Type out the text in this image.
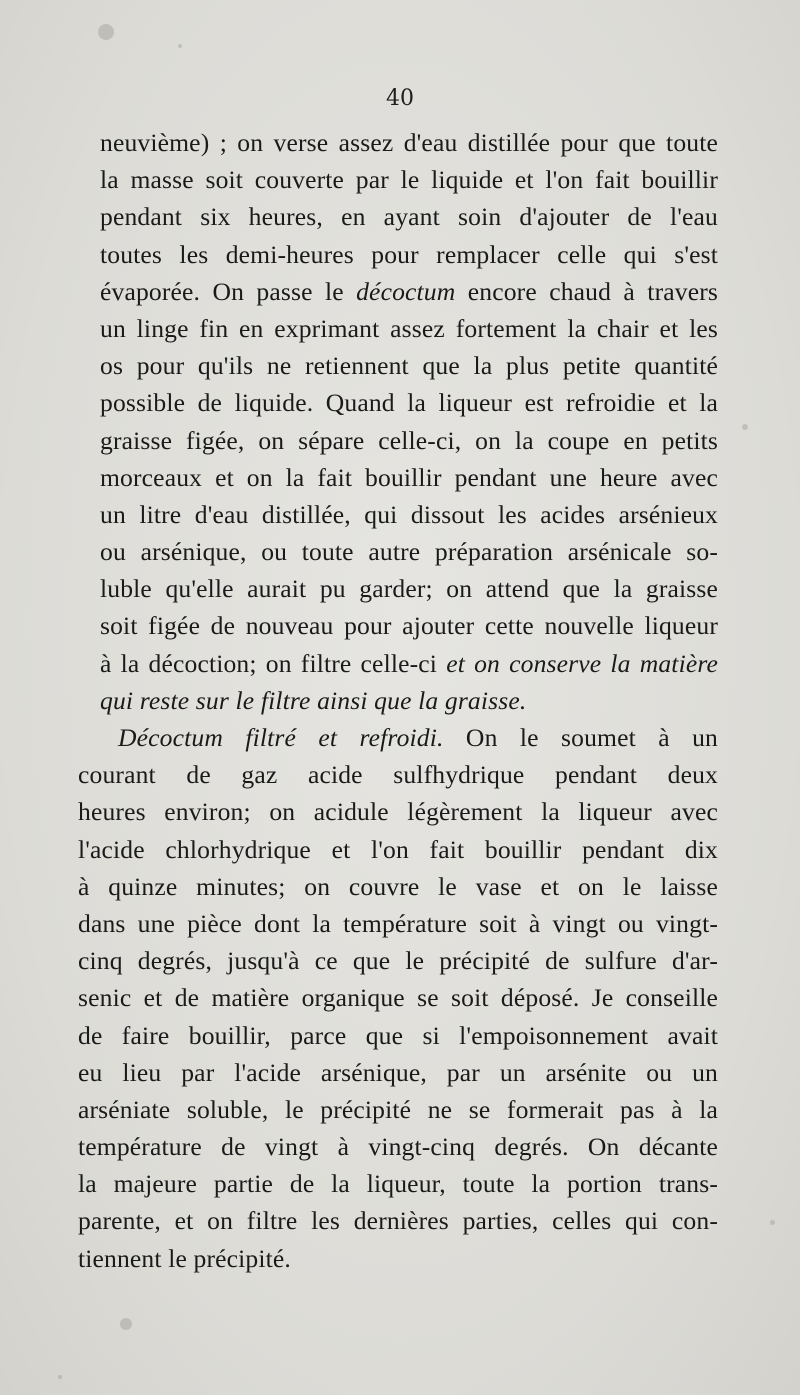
40

neuvième) ; on verse assez d'eau distillée pour que toute
la masse soit couverte par le liquide et l'on fait bouillir
pendant six heures, en ayant soin d'ajouter de l'eau
toutes les demi-heures pour remplacer celle qui s'est
évaporée. On passe le décoctum encore chaud à travers
un linge fin en exprimant assez fortement la chair et les
os pour qu'ils ne retiennent que la plus petite quantité
possible de liquide. Quand la liqueur est refroidie et la
graisse figée, on sépare celle-ci, on la coupe en petits
morceaux et on la fait bouillir pendant une heure avec
un litre d'eau distillée, qui dissout les acides arsénieux
ou arsénique, ou toute autre préparation arsénicale so-
luble qu'elle aurait pu garder; on attend que la graisse
soit figée de nouveau pour ajouter cette nouvelle liqueur
à la décoction; on filtre celle-ci et on conserve la matière
qui reste sur le filtre ainsi que la graisse.
Décoctum filtré et refroidi. On le soumet à un
courant de gaz acide sulfhydrique pendant deux
heures environ; on acidule légèrement la liqueur avec
l'acide chlorhydrique et l'on fait bouillir pendant dix
à quinze minutes; on couvre le vase et on le laisse
dans une pièce dont la température soit à vingt ou vingt-
cinq degrés, jusqu'à ce que le précipité de sulfure d'ar-
senic et de matière organique se soit déposé. Je conseille
de faire bouillir, parce que si l'empoisonnement avait
eu lieu par l'acide arsénique, par un arsénite ou un
arséniate soluble, le précipité ne se formerait pas à la
température de vingt à vingt-cinq degrés. On décante
la majeure partie de la liqueur, toute la portion trans-
parente, et on filtre les dernières parties, celles qui con-
tiennent le précipité.
